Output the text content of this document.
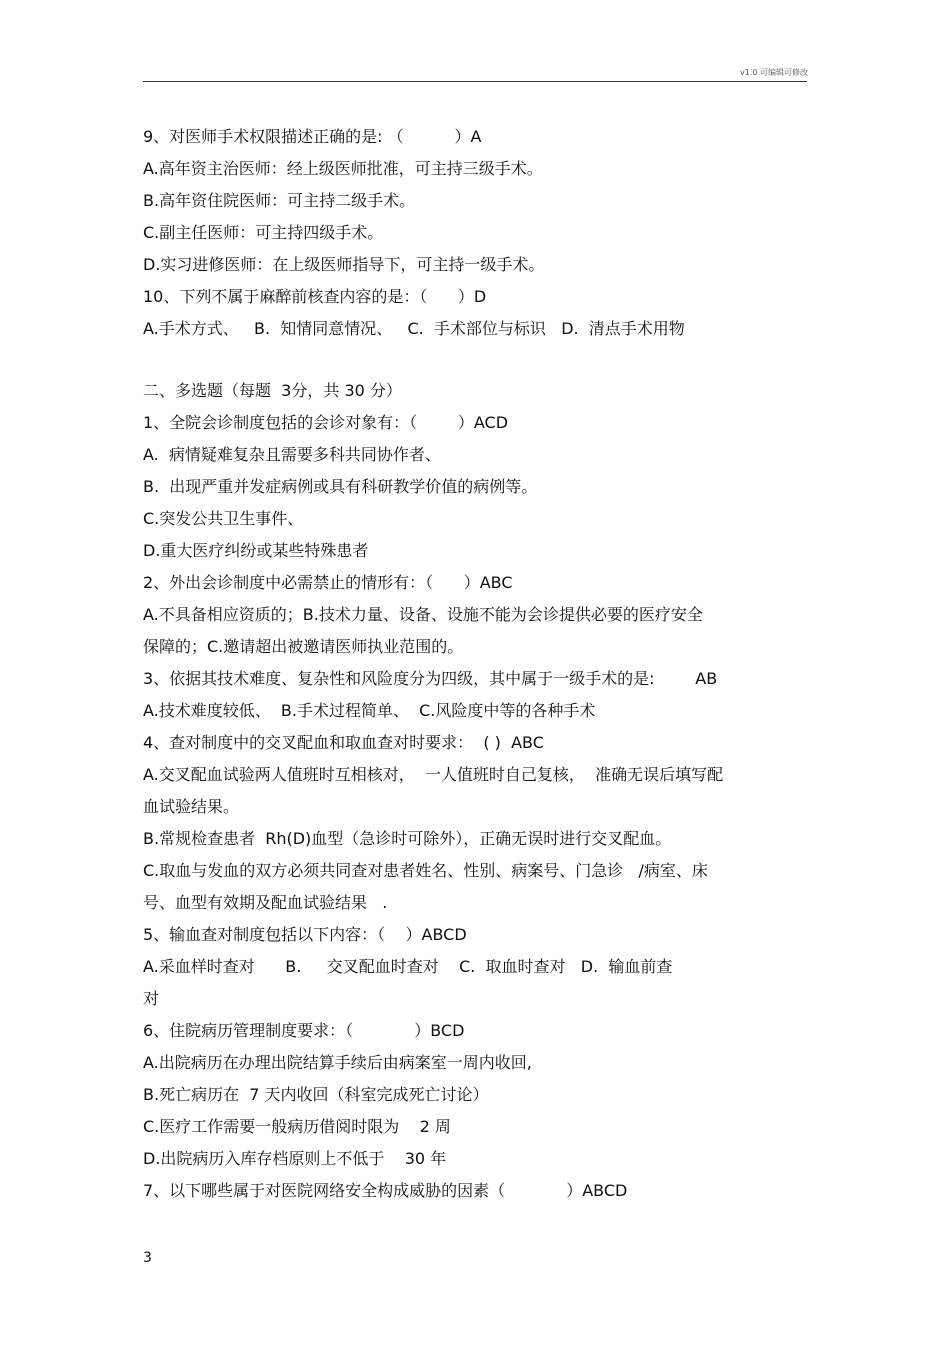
v1.0 可编辑可修改
9、对医师手术权限描述正确的是: （          ）A
A.高年资主治医师：经上级医师批准，可主持三级手术。
B.高年资住院医师：可主持二级手术。
C.副主任医师：可主持四级手术。
D.实习进修医师：在上级医师指导下，可主持一级手术。
10、下列不属于麻醉前核查内容的是：（      ）D
A.手术方式、   B.  知情同意情况、   C.  手术部位与标识   D.  清点手术用物
二、多选题（每题  3分，共 30 分）
1、全院会诊制度包括的会诊对象有：（        ）ACD
A.  病情疑难复杂且需要多科共同协作者、
B.  出现严重并发症病例或具有科研教学价值的病例等。
C.突发公共卫生事件、
D.重大医疗纠纷或某些特殊患者
2、外出会诊制度中必需禁止的情形有：（      ）ABC
A.不具备相应资质的；B.技术力量、设备、设施不能为会诊提供必要的医疗安全
保障的；C.邀请超出被邀请医师执业范围的。
3、依据其技术难度、复杂性和风险度分为四级，其中属于一级手术的是:        AB
A.技术难度较低、  B.手术过程简单、  C.风险度中等的各种手术
4、查对制度中的交叉配血和取血查对时要求：  ( )  ABC
A.交叉配血试验两人值班时互相核对，  一人值班时自己复核，  准确无误后填写配
血试验结果。
B.常规检查患者  Rh(D)血型（急诊时可除外），正确无误时进行交叉配血。
C.取血与发血的双方必须共同查对患者姓名、性别、病案号、门急诊   /病室、床
号、血型有效期及配血试验结果   .
5、输血查对制度包括以下内容：（    ）ABCD
A.采血样时查对      B.     交叉配血时查对    C.  取血时查对   D.  输血前查
对
6、住院病历管理制度要求：（            ）BCD
A.出院病历在办理出院结算手续后由病案室一周内收回,
B.死亡病历在  7 天内收回（科室完成死亡讨论）
C.医疗工作需要一般病历借阅时限为    2 周
D.出院病历入库存档原则上不低于    30 年
7、以下哪些属于对医院网络安全构成威胁的因素（            ）ABCD
3
